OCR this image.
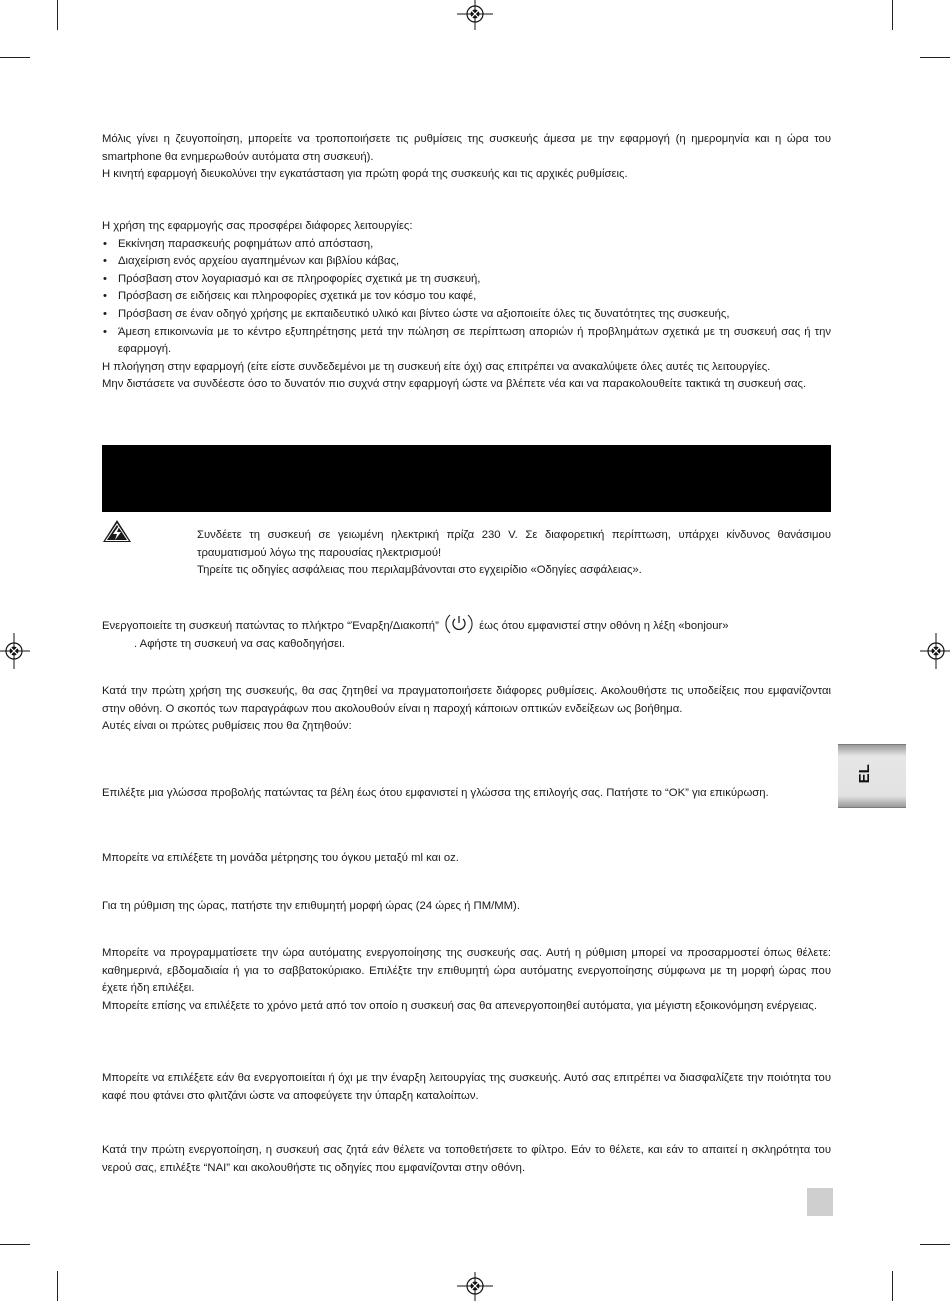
Μόλις γίνει η ζευγοποίηση, μπορείτε να τροποποιήσετε τις ρυθμίσεις της συσκευής άμεσα με την εφαρμογή (η ημερομηνία και η ώρα του smartphone θα ενημερωθούν αυτόματα στη συσκευή).

Η κινητή εφαρμογή διευκολύνει την εγκατάσταση για πρώτη φορά της συσκευής και τις αρχικές ρυθμίσεις.

Η χρήση της εφαρμογής σας προσφέρει διάφορες λειτουργίες:

• Εκκίνηση παρασκευής ροφημάτων από απόσταση,
• Διαχείριση ενός αρχείου αγαπημένων και βιβλίου κάβας,
• Πρόσβαση στον λογαριασμό και σε πληροφορίες σχετικά με τη συσκευή,
• Πρόσβαση σε ειδήσεις και πληροφορίες σχετικά με τον κόσμο του καφέ,
• Πρόσβαση σε έναν οδηγό χρήσης με εκπαιδευτικό υλικό και βίντεο ώστε να αξιοποιείτε όλες τις δυνατότητες της συσκευής,
• Άμεση επικοινωνία με το κέντρο εξυπηρέτησης μετά την πώληση σε περίπτωση αποριών ή προβλημάτων σχετικά με τη συσκευή σας ή την εφαρμογή.

Η πλοήγηση στην εφαρμογή (είτε είστε συνδεδεμένοι με τη συσκευή είτε όχι) σας επιτρέπει να ανακαλύψετε όλες αυτές τις λειτουργίες.

Μην διστάσετε να συνδέεστε όσο το δυνατόν πιο συχνά στην εφαρμογή ώστε να βλέπετε νέα και να παρακολουθείτε τακτικά τη συσκευή σας.

Συνδέετε τη συσκευή σε γειωμένη ηλεκτρική πρίζα 230 V. Σε διαφορετική περίπτωση, υπάρχει κίνδυνος θανάσιμου τραυματισμού λόγω της παρουσίας ηλεκτρισμού!

Τηρείτε τις οδηγίες ασφάλειας που περιλαμβάνονται στο εγχειρίδιο «Οδηγίες ασφάλειας».

Ενεργοποιείτε τη συσκευή πατώντας το πλήκτρο “Έναρξη/Διακοπή”	έως ότου εμφανιστεί στην οθόνη η λέξη «bonjour»

. Αφήστε τη συσκευή να σας καθοδηγήσει.

Κατά την πρώτη χρήση της συσκευής, θα σας ζητηθεί να πραγματοποιήσετε διάφορες ρυθμίσεις. Ακολουθήστε τις υποδείξεις που εμφανίζονται στην οθόνη. Ο σκοπός των παραγράφων που ακολουθούν είναι η παροχή κάποιων οπτικών ενδείξεων ως βοήθημα.

Αυτές είναι οι πρώτες ρυθμίσεις που θα ζητηθούν:

Επιλέξτε μια γλώσσα προβολής πατώντας τα βέλη έως ότου εμφανιστεί η γλώσσα της επιλογής σας. Πατήστε το “OK” για επικύρωση.

Μπορείτε να επιλέξετε τη μονάδα μέτρησης του όγκου μεταξύ ml και oz.

Για τη ρύθμιση της ώρας, πατήστε την επιθυμητή μορφή ώρας (24 ώρες ή ΠΜ/ΜΜ).

Μπορείτε να προγραμματίσετε την ώρα αυτόματης ενεργοποίησης της συσκευής σας. Αυτή η ρύθμιση μπορεί να προσαρμοστεί όπως θέλετε: καθημερινά, εβδομαδιαία ή για το σαββατοκύριακο. Επιλέξτε την επιθυμητή ώρα αυτόματης ενεργοποίησης σύμφωνα με τη μορφή ώρας που έχετε ήδη επιλέξει.

Μπορείτε επίσης να επιλέξετε το χρόνο μετά από τον οποίο η συσκευή σας θα απενεργοποιηθεί αυτόματα, για μέγιστη εξοικονόμηση ενέργειας.

Μπορείτε να επιλέξετε εάν θα ενεργοποιείται ή όχι με την έναρξη λειτουργίας της συσκευής. Αυτό σας επιτρέπει να διασφαλίζετε την ποιότητα του καφέ που φτάνει στο φλιτζάνι ώστε να αποφεύγετε την ύπαρξη καταλοίπων.

Κατά την πρώτη ενεργοποίηση, η συσκευή σας ζητά εάν θέλετε να τοποθετήσετε το φίλτρο. Εάν το θέλετε, και εάν το απαιτεί η σκληρότητα του νερού σας, επιλέξτε “ΝΑΙ” και ακολουθήστε τις οδηγίες που εμφανίζονται στην οθόνη.

EL
